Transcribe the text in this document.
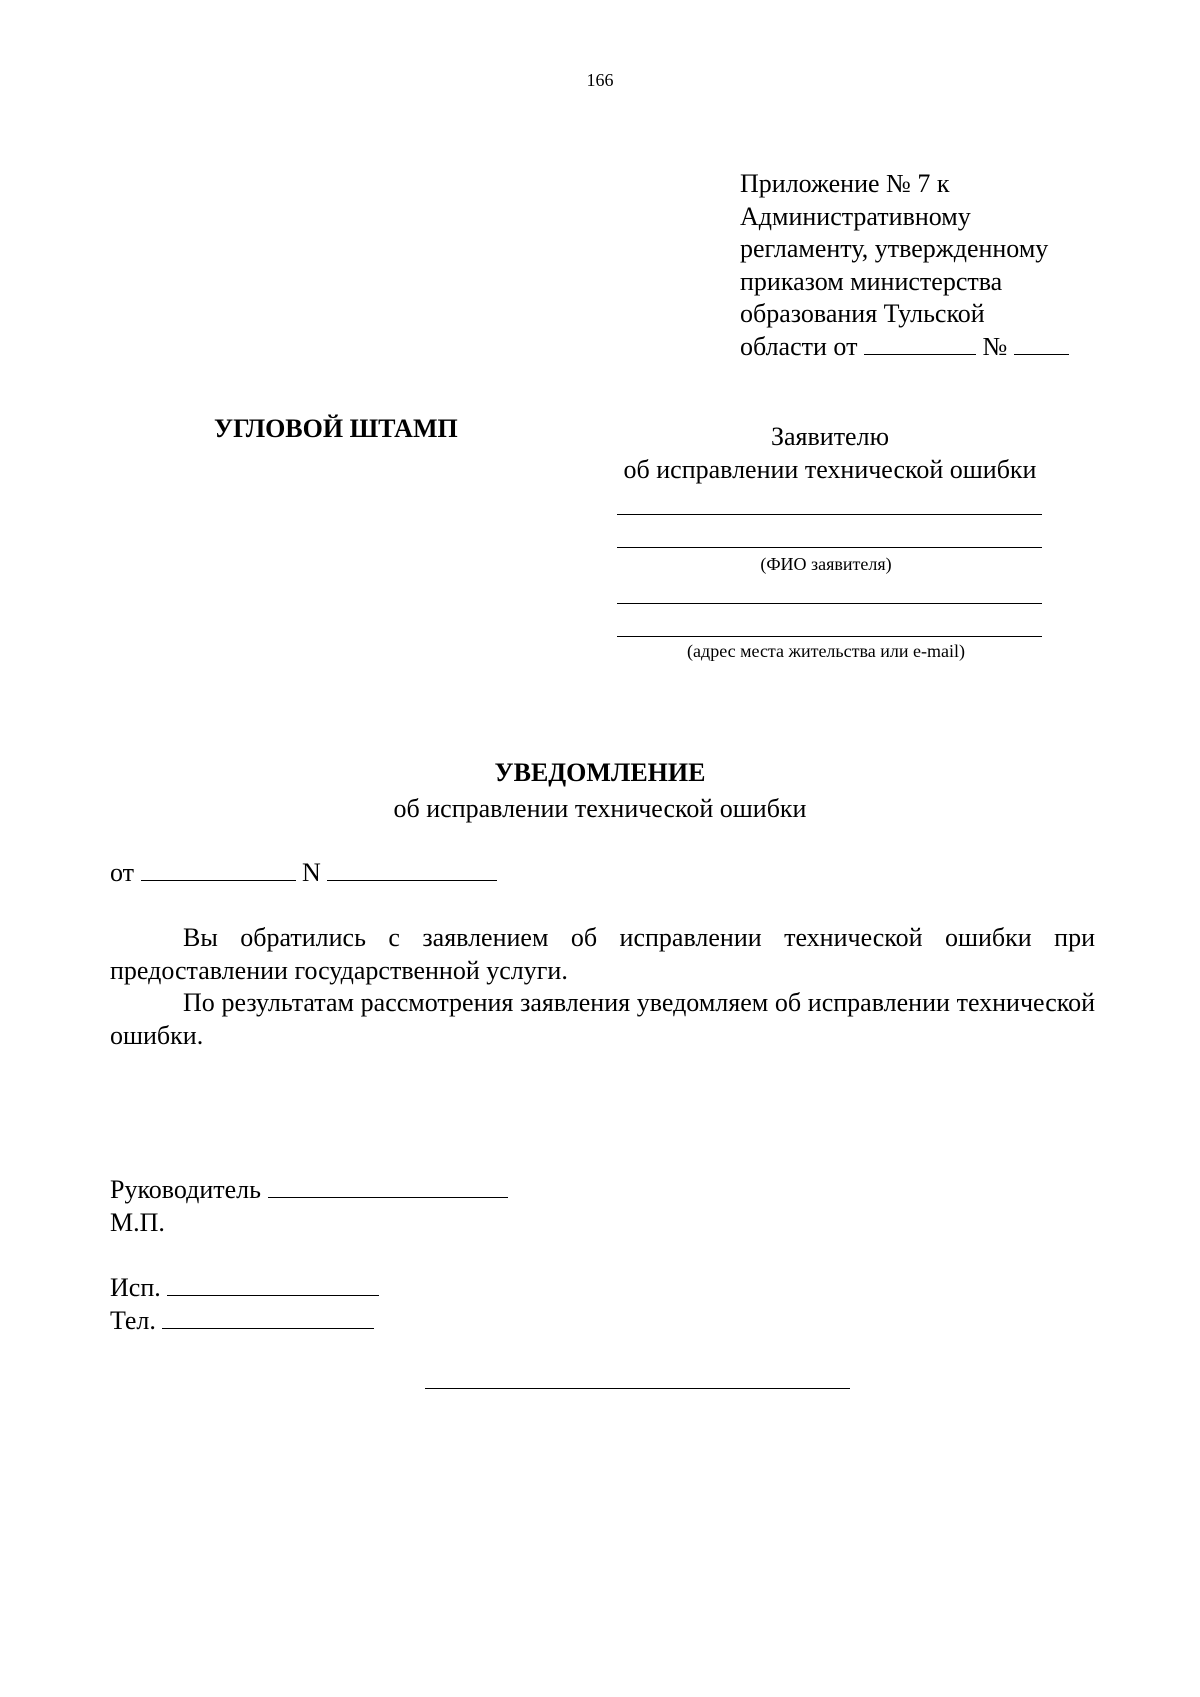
166
Приложение № 7 к
Административному
регламенту, утвержденному
приказом министерства
образования Тульской
области от	№
УГЛОВОЙ ШТАМП	Заявителю
об исправлении технической ошибки
(ФИО заявителя)
(адрес места жительства или e-mail)
УВЕДОМЛЕНИЕ
об исправлении технической ошибки
от	N

Вы обратились с заявлением об исправлении технической ошибки при предоставлении государственной услуги.

По результатам рассмотрения заявления уведомляем об исправлении технической ошибки.

Руководитель
М.П.
Исп.
Тел.
